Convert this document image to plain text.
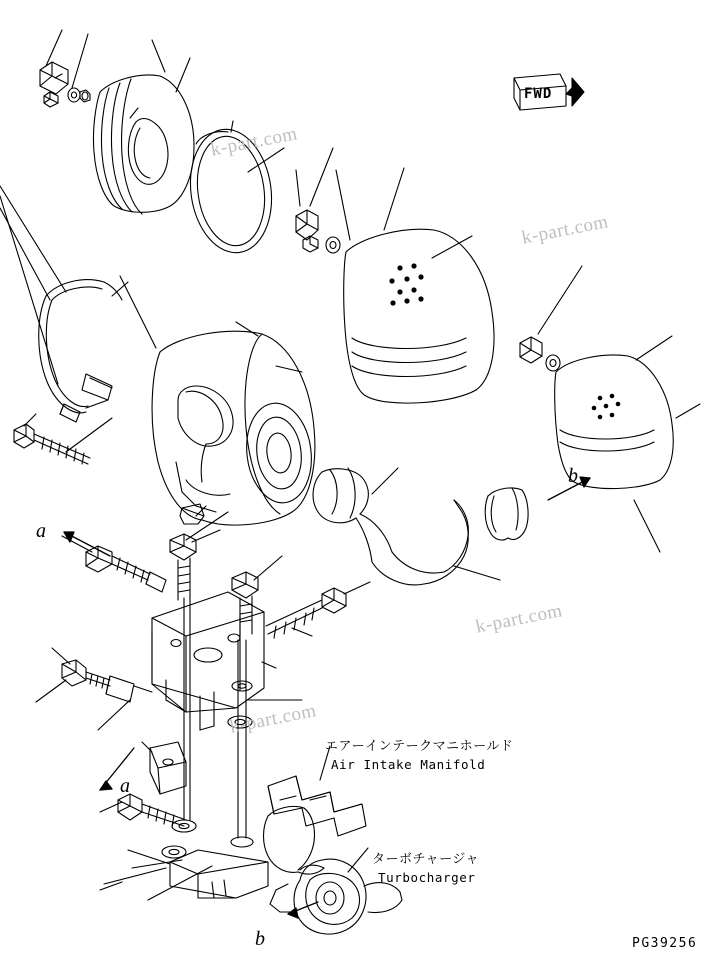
k-part.com
k-part.com
k-part.com
k-part.com
FWD
a
a
b
b
エアーインテークマニホールド
Air Intake Manifold
ターボチャージャ
Turbocharger
PG39256
